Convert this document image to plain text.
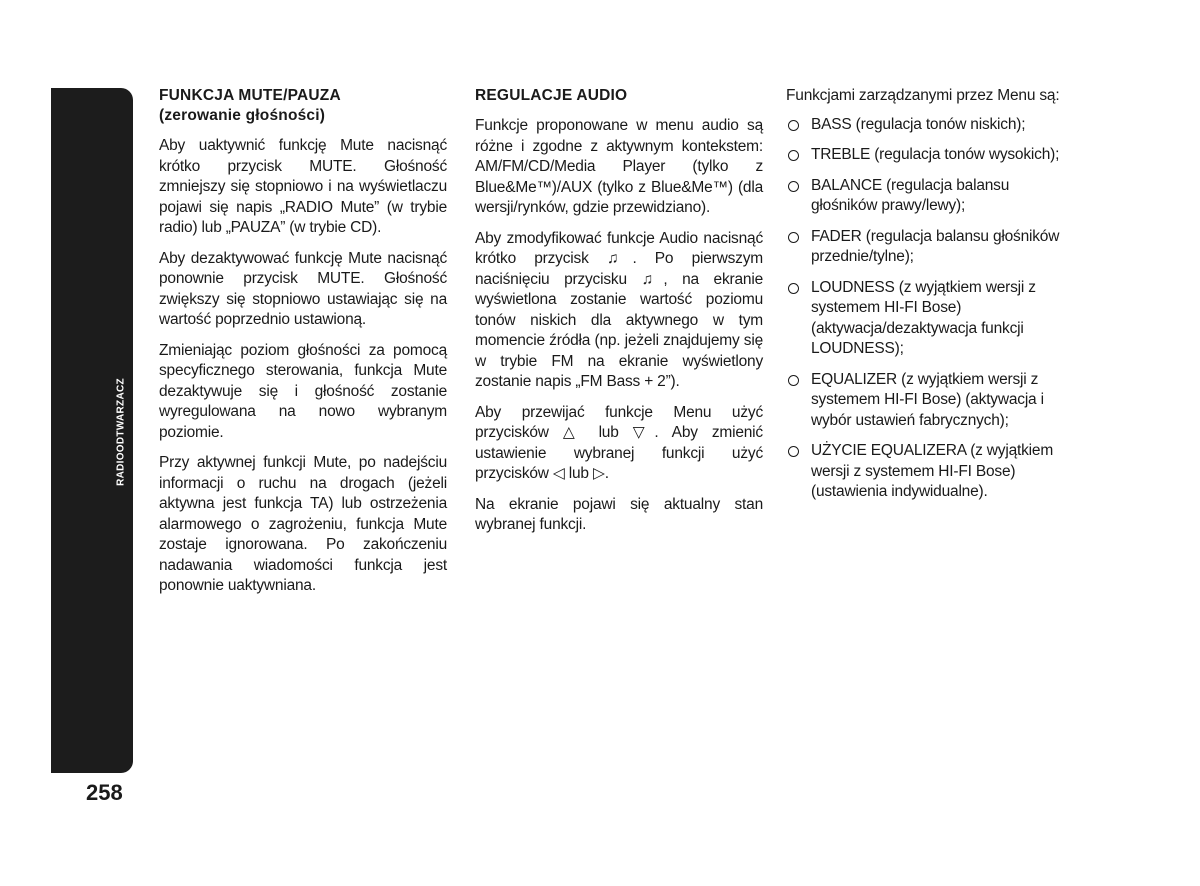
RADIOODTWARZACZ
258
FUNKCJA MUTE/PAUZA
(zerowanie głośności)

Aby uaktywnić funkcję Mute nacisnąć krótko przycisk MUTE. Głośność zmniejszy się stopniowo i na wyświetlaczu pojawi się napis „RADIO Mute” (w trybie radio) lub „PAUZA” (w trybie CD).

Aby dezaktywować funkcję Mute nacisnąć ponownie przycisk MUTE. Głośność zwiększy się stopniowo ustawiając się na wartość poprzednio ustawioną.

Zmieniając poziom głośności za pomocą specyficznego sterowania, funkcja Mute dezaktywuje się i głośność zostanie wyregulowana na nowo wybranym poziomie.

Przy aktywnej funkcji Mute, po nadejściu informacji o ruchu na drogach (jeżeli aktywna jest funkcja TA) lub ostrzeżenia alarmowego o zagrożeniu, funkcja Mute zostaje ignorowana. Po zakończeniu nadawania wiadomości funkcja jest ponownie uaktywniana.

REGULACJE AUDIO

Funkcje proponowane w menu audio są różne i zgodne z aktywnym kontekstem: AM/FM/CD/Media Player (tylko z Blue&Me™)/AUX (tylko z Blue&Me™) (dla wersji/rynków, gdzie przewidziano).

Aby zmodyfikować funkcje Audio nacisnąć krótko przycisk ♫. Po pierwszym naciśnięciu przycisku ♫, na ekranie wyświetlona zostanie wartość poziomu tonów niskich dla aktywnego w tym momencie źródła (np. jeżeli znajdujemy się w trybie FM na ekranie wyświetlony zostanie napis „FM Bass + 2”).

Aby przewijać funkcje Menu użyć przycisków △ lub ▽. Aby zmienić ustawienie wybranej funkcji użyć przycisków ◁ lub ▷.

Na ekranie pojawi się aktualny stan wybranej funkcji.

Funkcjami zarządzanymi przez Menu są:

BASS (regulacja tonów niskich);
TREBLE (regulacja tonów wysokich);
BALANCE (regulacja balansu głośników prawy/lewy);
FADER (regulacja balansu głośników przednie/tylne);
LOUDNESS (z wyjątkiem wersji z systemem HI-FI Bose) (aktywacja/dezaktywacja funkcji LOUDNESS);
EQUALIZER (z wyjątkiem wersji z systemem HI-FI Bose) (aktywacja i wybór ustawień fabrycznych);
UŻYCIE EQUALIZERA (z wyjątkiem wersji z systemem HI-FI Bose) (ustawienia indywidualne).
